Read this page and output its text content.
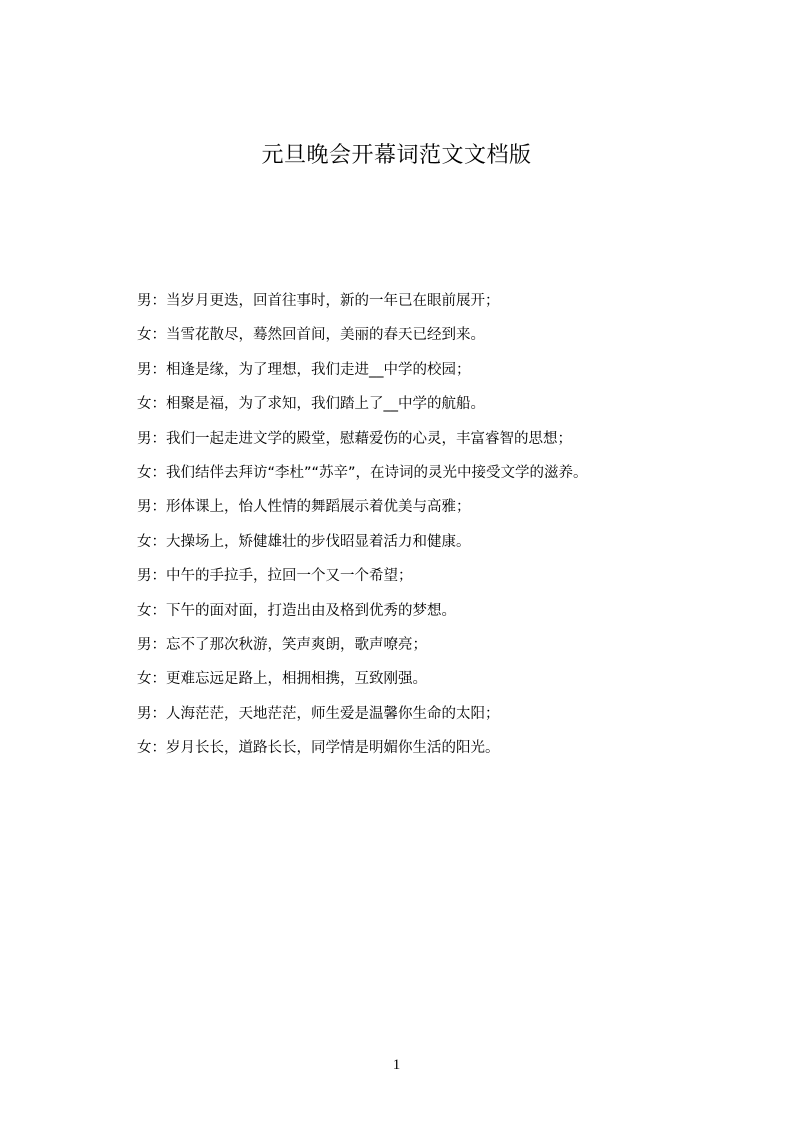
元旦晚会开幕词范文文档版
男：当岁月更迭，回首往事时，新的一年已在眼前展开；
女：当雪花散尽，蓦然回首间，美丽的春天已经到来。
男：相逢是缘，为了理想，我们走进__中学的校园；
女：相聚是福，为了求知，我们踏上了__中学的航船。
男：我们一起走进文学的殿堂，慰藉爱伤的心灵，丰富睿智的思想；
女：我们结伴去拜访“李杜”“苏辛”，在诗词的灵光中接受文学的滋养。
男：形体课上，怡人性情的舞蹈展示着优美与高雅；
女：大操场上，矫健雄壮的步伐昭显着活力和健康。
男：中午的手拉手，拉回一个又一个希望；
女：下午的面对面，打造出由及格到优秀的梦想。
男：忘不了那次秋游，笑声爽朗，歌声嘹亮；
女：更难忘远足路上，相拥相携，互致刚强。
男：人海茫茫，天地茫茫，师生爱是温馨你生命的太阳；
女：岁月长长，道路长长，同学情是明媚你生活的阳光。
1
